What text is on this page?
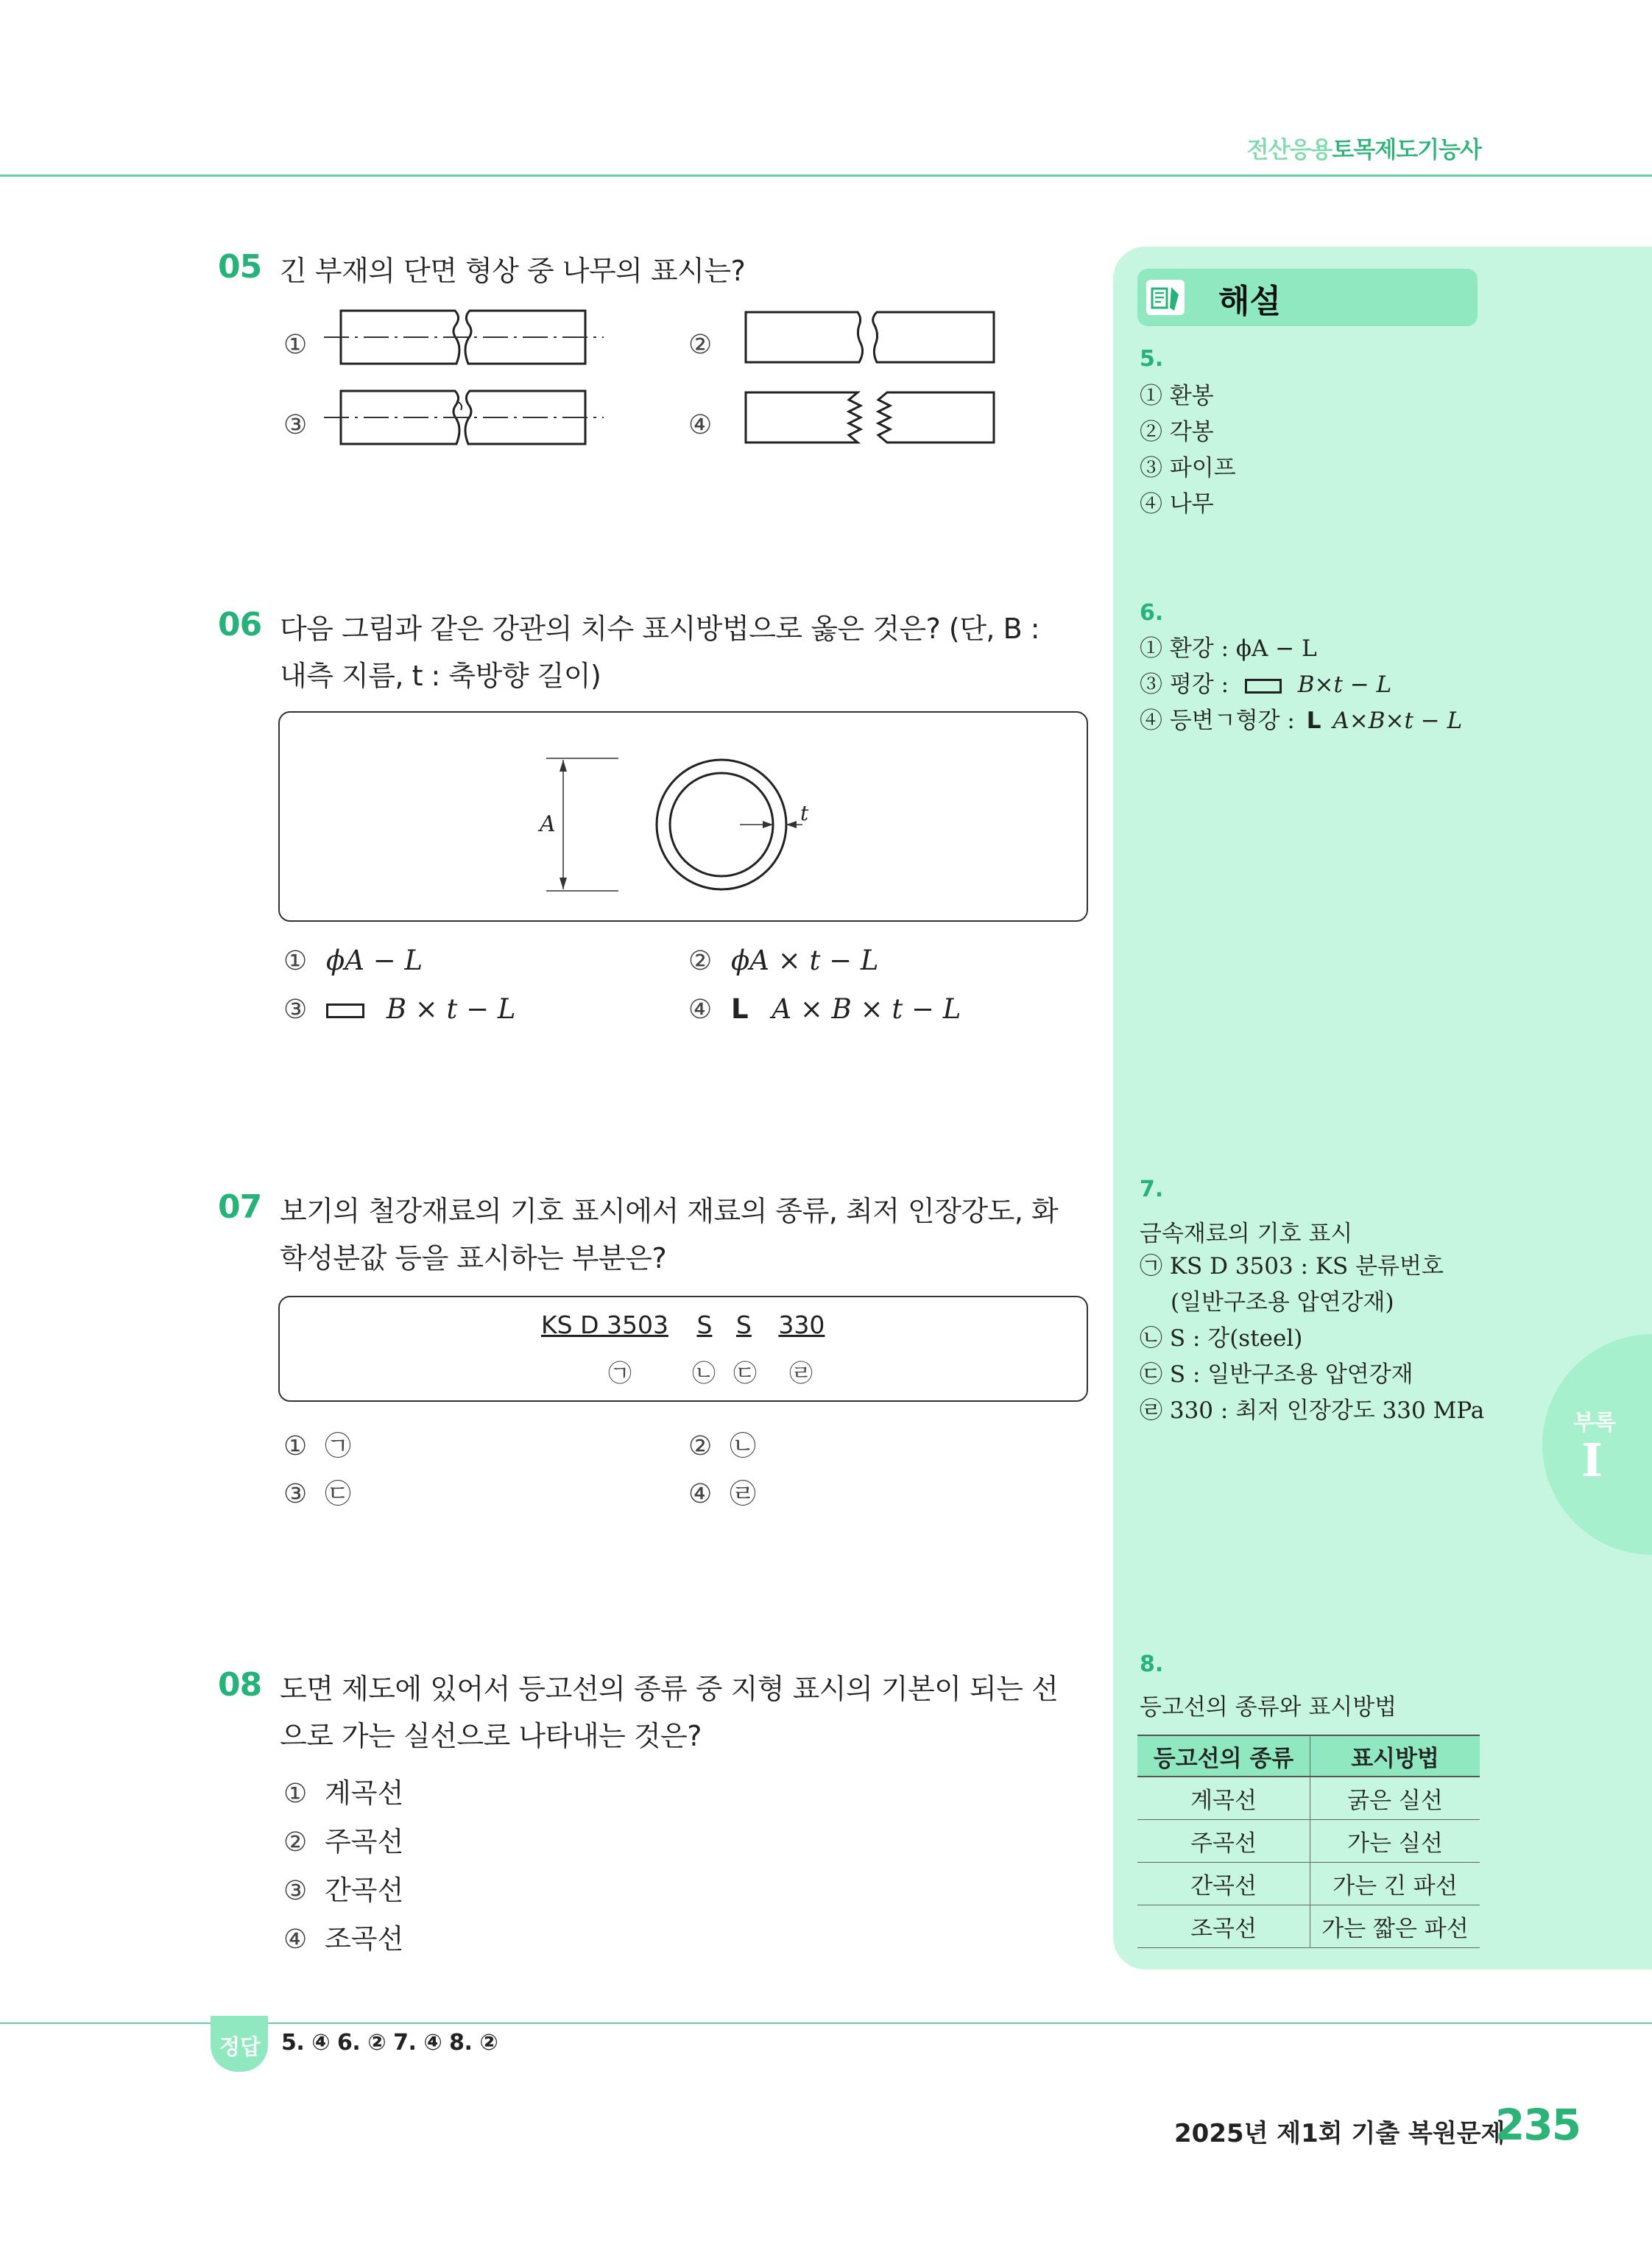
전산응용토목제도기능사
해설
5.
① 환봉
② 각봉
③ 파이프
④ 나무
6.
① 환강 : ϕA − L
③ 평강 :	B×t − L
④ 등변ㄱ형강 : L A×B×t − L
7.
금속재료의 기호 표시
㉠ KS D 3503 : KS 분류번호
(일반구조용 압연강재)
㉡ S : 강(steel)
㉢ S : 일반구조용 압연강재
㉣ 330 : 최저 인장강도 330 MPa	부록
I
8.
등고선의 종류와 표시방법
등고선의 종류	표시방법
계곡선	굵은 실선
주곡선	가는 실선
간곡선	가는 긴 파선
조곡선	가는 짧은 파선
05 긴 부재의 단면 형상 중 나무의 표시는?
①	②
③	④
06 다음 그림과 같은 강관의 치수 표시방법으로 옳은 것은? (단, B :
내측 지름, t : 축방향 길이)
A	t
① ϕA − L	② ϕA × t − L
③	B × t − L	④ L A × B × t − L
07 보기의 철강재료의 기호 표시에서 재료의 종류, 최저 인장강도, 화
학성분값 등을 표시하는 부분은?
KS D 3503 S S 330
㉠	㉡ ㉢ ㉣
① ㉠	② ㉡
③ ㉢	④ ㉣
08 도면 제도에 있어서 등고선의 종류 중 지형 표시의 기본이 되는 선
으로 가는 실선으로 나타내는 것은?
① 계곡선
② 주곡선
③ 간곡선
④ 조곡선
정답 5. ④ 6. ② 7. ④ 8. ②
2025년 제1회 기출 복원문제
235
